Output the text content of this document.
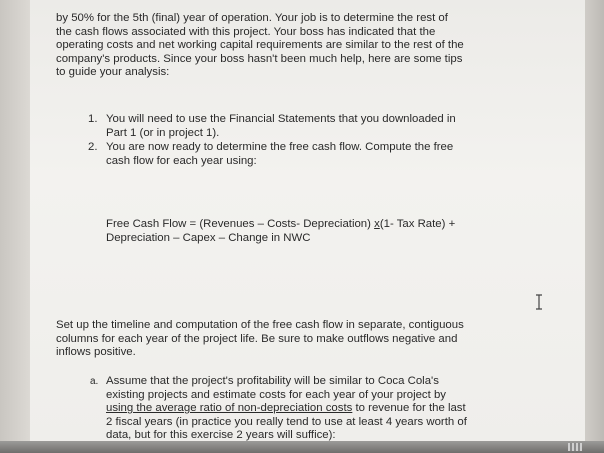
by 50% for the 5th (final) year of operation. Your job is to determine the rest of
the cash flows associated with this project. Your boss has indicated that the
operating costs and net working capital requirements are similar to the rest of the
company's products. Since your boss hasn't been much help, here are some tips
to guide your analysis:

1. You will need to use the Financial Statements that you downloaded in
Part 1 (or in project 1).

2. You are now ready to determine the free cash flow. Compute the free
cash flow for each year using:

Free Cash Flow = (Revenues – Costs- Depreciation) x(1- Tax Rate) +
Depreciation – Capex – Change in NWC

Set up the timeline and computation of the free cash flow in separate, contiguous
columns for each year of the project life. Be sure to make outflows negative and
inflows positive.

a. Assume that the project's profitability will be similar to Coca Cola's
existing projects and estimate costs for each year of your project by
using the average ratio of non-depreciation costs to revenue for the last
2 fiscal years (in practice you really tend to use at least 4 years worth of
data, but for this exercise 2 years will suffice):
